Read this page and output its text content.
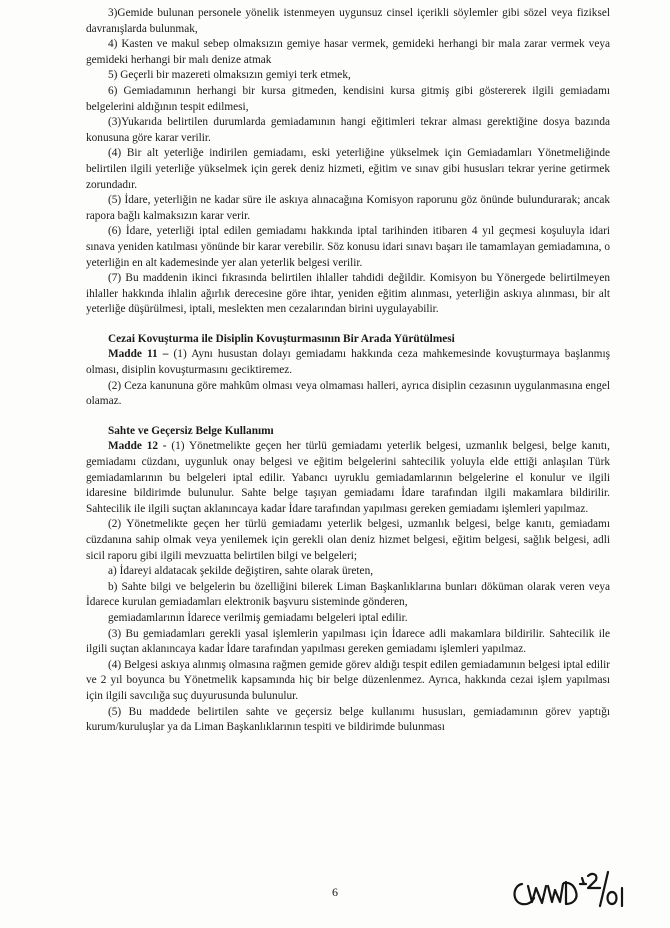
3)Gemide bulunan personele yönelik istenmeyen uygunsuz cinsel içerikli söylemler gibi sözel veya fiziksel davranışlarda bulunmak,

4) Kasten ve makul sebep olmaksızın gemiye hasar vermek, gemideki herhangi bir mala zarar vermek veya gemideki herhangi bir malı denize atmak

5) Geçerli bir mazereti olmaksızın gemiyi terk etmek,

6) Gemiadamının herhangi bir kursa gitmeden, kendisini kursa gitmiş gibi göstererek ilgili gemiadamı belgelerini aldığının tespit edilmesi,

(3)Yukarıda belirtilen durumlarda gemiadamının hangi eğitimleri tekrar alması gerektiğine dosya bazında konusuna göre karar verilir.

(4) Bir alt yeterliğe indirilen gemiadamı, eski yeterliğine yükselmek için Gemiadamları Yönetmeliğinde belirtilen ilgili yeterliğe yükselmek için gerek deniz hizmeti, eğitim ve sınav gibi hususları tekrar yerine getirmek zorundadır.

(5) İdare, yeterliğin ne kadar süre ile askıya alınacağına Komisyon raporunu göz önünde bulundurarak; ancak rapora bağlı kalmaksızın karar verir.

(6) İdare, yeterliği iptal edilen gemiadamı hakkında iptal tarihinden itibaren 4 yıl geçmesi koşuluyla idari sınava yeniden katılması yönünde bir karar verebilir. Söz konusu idari sınavı başarı ile tamamlayan gemiadamına, o yeterliğin en alt kademesinde yer alan yeterlik belgesi verilir.

(7) Bu maddenin ikinci fıkrasında belirtilen ihlaller tahdidi değildir. Komisyon bu Yönergede belirtilmeyen ihlaller hakkında ihlalin ağırlık derecesine göre ihtar, yeniden eğitim alınması, yeterliğin askıya alınması, bir alt yeterliğe düşürülmesi, iptali, meslekten men cezalarından birini uygulayabilir.

Cezai Kovuşturma ile Disiplin Kovuşturmasının Bir Arada Yürütülmesi

Madde 11 – (1) Aynı husustan dolayı gemiadamı hakkında ceza mahkemesinde kovuşturmaya başlanmış olması, disiplin kovuşturmasını geciktiremez.

(2) Ceza kanununa göre mahkûm olması veya olmaması halleri, ayrıca disiplin cezasının uygulanmasına engel olamaz.

Sahte ve Geçersiz Belge Kullanımı

Madde 12 - (1) Yönetmelikte geçen her türlü gemiadamı yeterlik belgesi, uzmanlık belgesi, belge kanıtı, gemiadamı cüzdanı, uygunluk onay belgesi ve eğitim belgelerini sahtecilik yoluyla elde ettiği anlaşılan Türk gemiadamlarının bu belgeleri iptal edilir. Yabancı uyruklu gemiadamlarının belgelerine el konulur ve ilgili idaresine bildirimde bulunulur. Sahte belge taşıyan gemiadamı İdare tarafından ilgili makamlara bildirilir. Sahtecilik ile ilgili suçtan aklanıncaya kadar İdare tarafından yapılması gereken gemiadamı işlemleri yapılmaz.

(2) Yönetmelikte geçen her türlü gemiadamı yeterlik belgesi, uzmanlık belgesi, belge kanıtı, gemiadamı cüzdanına sahip olmak veya yenilemek için gerekli olan deniz hizmet belgesi, eğitim belgesi, sağlık belgesi, adli sicil raporu gibi ilgili mevzuatta belirtilen bilgi ve belgeleri;

a) İdareyi aldatacak şekilde değiştiren, sahte olarak üreten,

b) Sahte bilgi ve belgelerin bu özelliğini bilerek Liman Başkanlıklarına bunları döküman olarak veren veya İdarece kurulan gemiadamları elektronik başvuru sisteminde gönderen,

gemiadamlarının İdarece verilmiş gemiadamı belgeleri iptal edilir.

(3) Bu gemiadamları gerekli yasal işlemlerin yapılması için İdarece adli makamlara bildirilir. Sahtecilik ile ilgili suçtan aklanıncaya kadar İdare tarafından yapılması gereken gemiadamı işlemleri yapılmaz.

(4) Belgesi askıya alınmış olmasına rağmen gemide görev aldığı tespit edilen gemiadamının belgesi iptal edilir ve 2 yıl boyunca bu Yönetmelik kapsamında hiç bir belge düzenlenmez. Ayrıca, hakkında cezai işlem yapılması için ilgili savcılığa suç duyurusunda bulunulur.

(5) Bu maddede belirtilen sahte ve geçersiz belge kullanımı hususları, gemiadamının görev yaptığı kurum/kuruluşlar ya da Liman Başkanlıklarının tespiti ve bildirimde bulunması

6
